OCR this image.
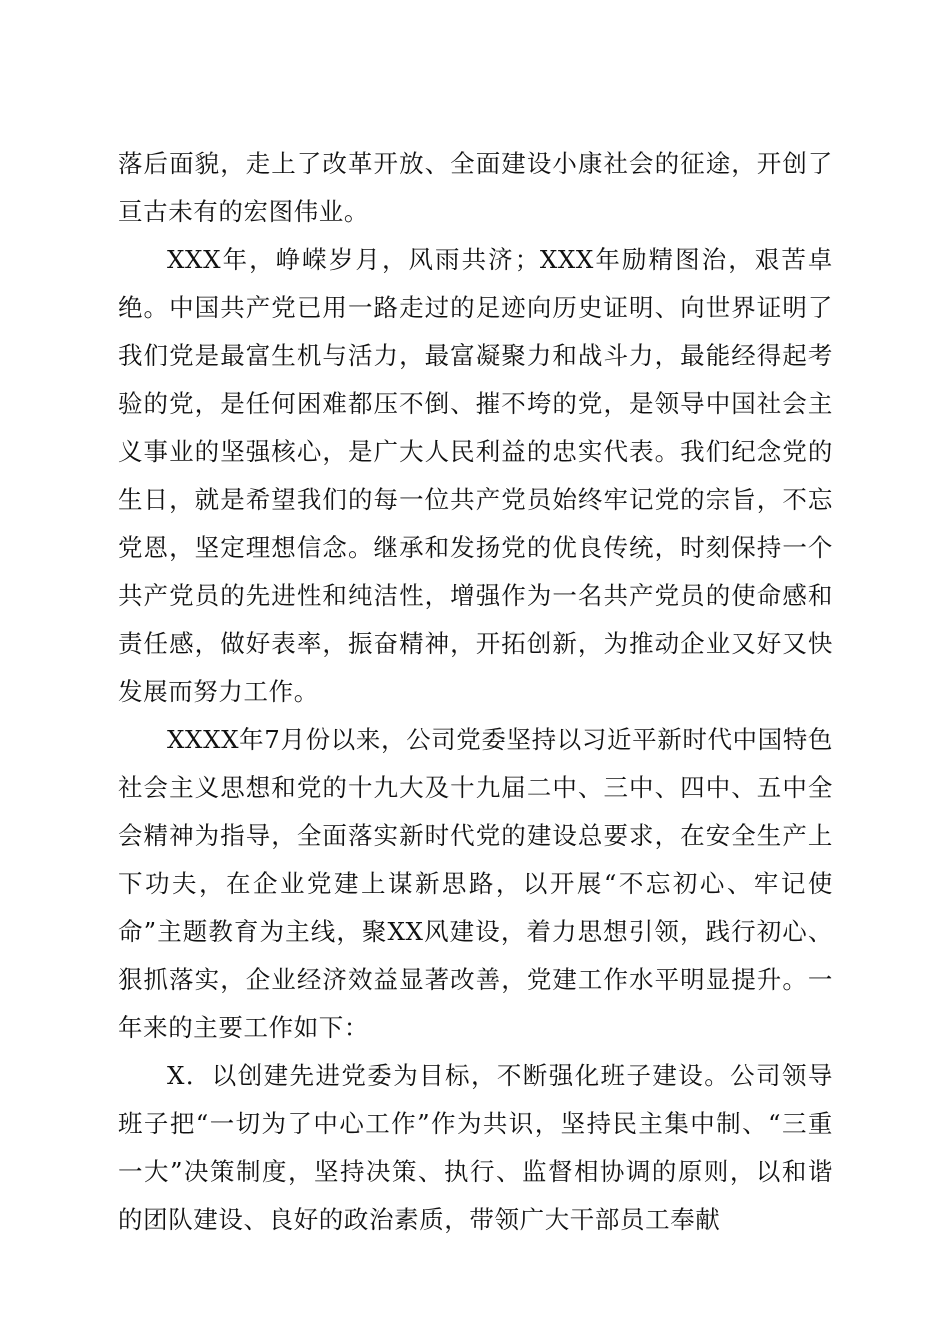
落后面貌，走上了改革开放、全面建设小康社会的征途，开创了亘古未有的宏图伟业。

XXX年，峥嵘岁月，风雨共济；XXX年励精图治，艰苦卓绝。中国共产党已用一路走过的足迹向历史证明、向世界证明了我们党是最富生机与活力，最富凝聚力和战斗力，最能经得起考验的党，是任何困难都压不倒、摧不垮的党，是领导中国社会主义事业的坚强核心，是广大人民利益的忠实代表。我们纪念党的生日，就是希望我们的每一位共产党员始终牢记党的宗旨，不忘党恩，坚定理想信念。继承和发扬党的优良传统，时刻保持一个共产党员的先进性和纯洁性，增强作为一名共产党员的使命感和责任感，做好表率，振奋精神，开拓创新，为推动企业又好又快发展而努力工作。

XXXX年7月份以来，公司党委坚持以习近平新时代中国特色社会主义思想和党的十九大及十九届二中、三中、四中、五中全会精神为指导，全面落实新时代党的建设总要求，在安全生产上下功夫，在企业党建上谋新思路，以开展“不忘初心、牢记使命”主题教育为主线，聚XX风建设，着力思想引领，践行初心、狠抓落实，企业经济效益显著改善，党建工作水平明显提升。一年来的主要工作如下：

X．以创建先进党委为目标，不断强化班子建设。公司领导班子把“一切为了中心工作”作为共识，坚持民主集中制、“三重一大”决策制度，坚持决策、执行、监督相协调的原则，以和谐的团队建设、良好的政治素质，带领广大干部员工奉献
